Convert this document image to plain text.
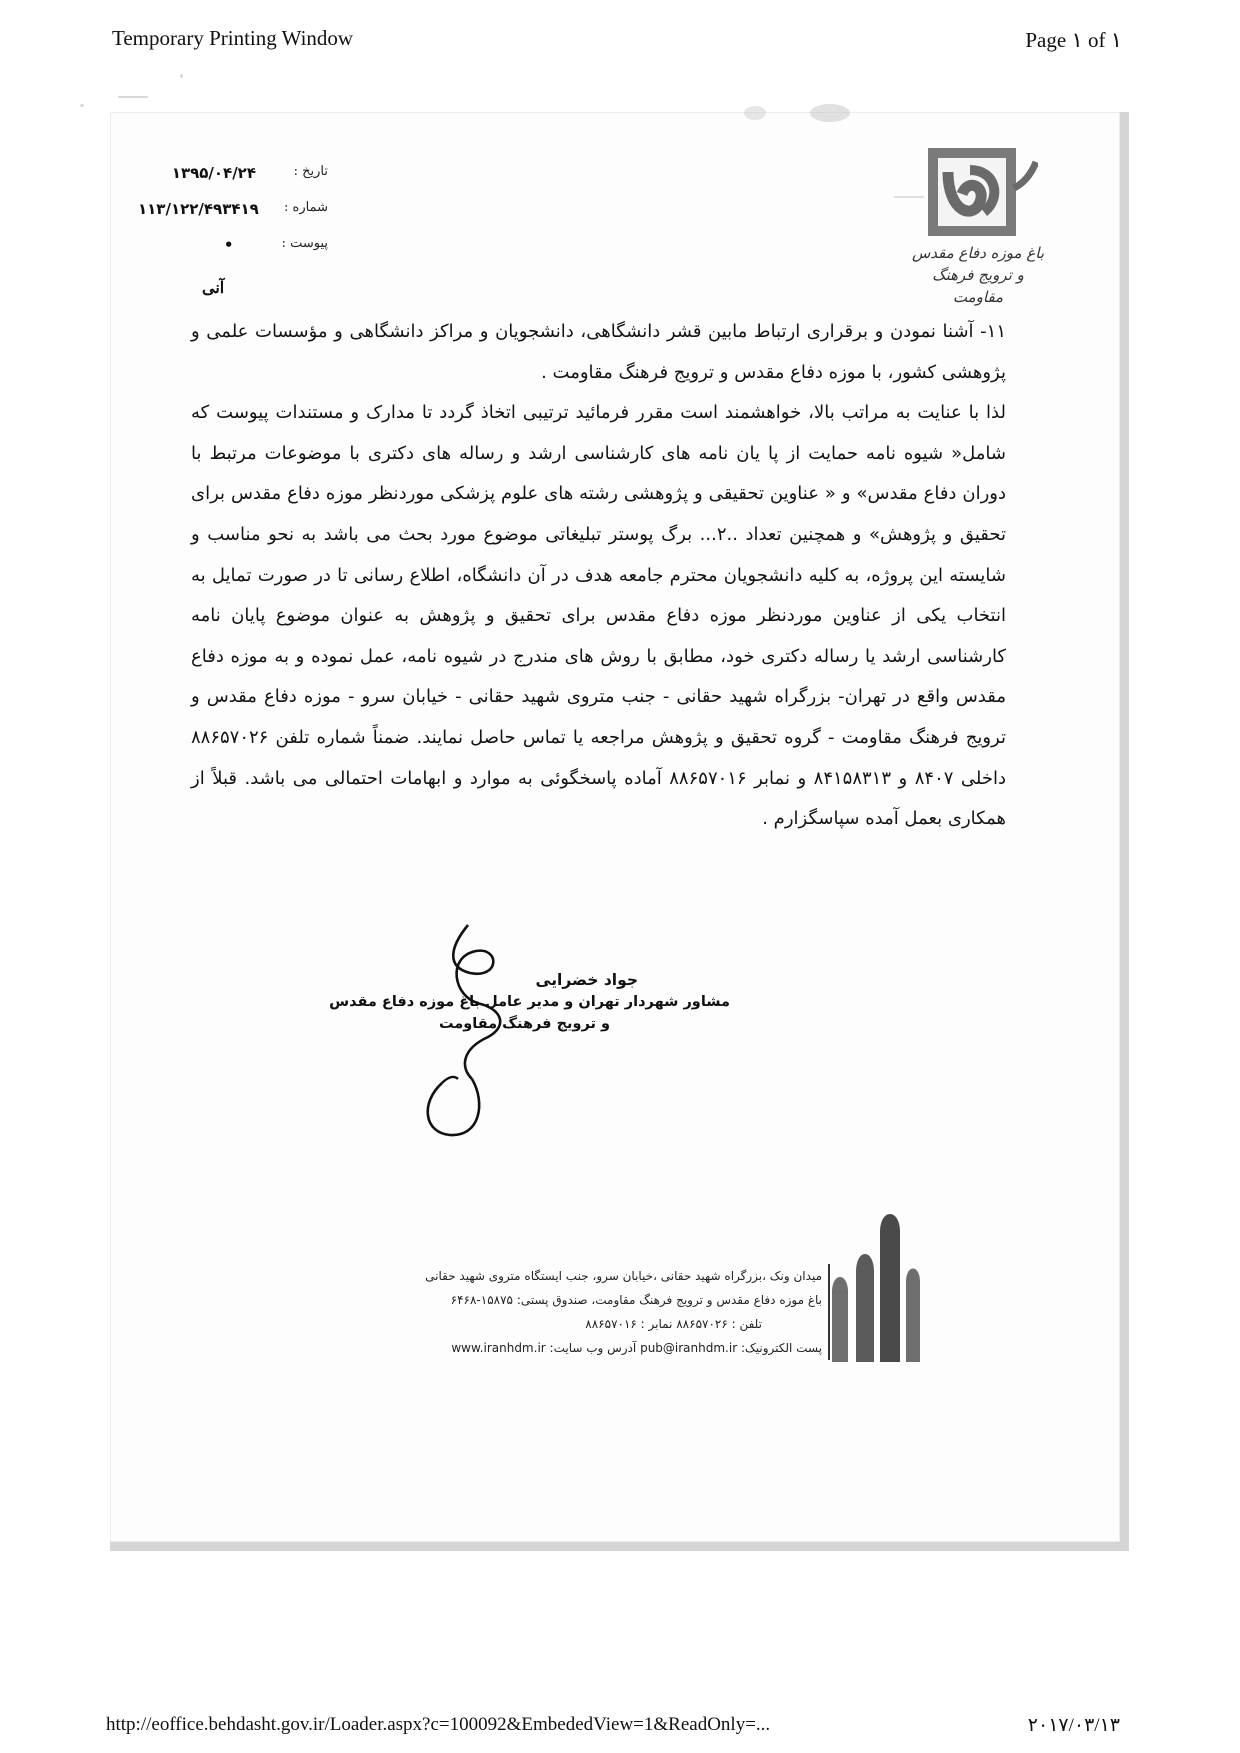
Temporary Printing Window	Page ۱ of ۱
تاریخ :
۱۳۹۵/۰۴/۲۴
شماره :
۱۱۳/۱۲۲/۴۹۳۴۱۹
پیوست :
•
آنی
باغ موزه دفاع مقدس
و ترویج فرهنگ مقاومت

۱۱- آشنا نمودن و برقراری ارتباط مابین قشر دانشگاهی، دانشجویان و مراکز دانشگاهی و مؤسسات علمی و پژوهشی کشور، با موزه دفاع مقدس و ترویج فرهنگ مقاومت .

لذا با عنایت به مراتب بالا، خواهشمند است مقرر فرمائید ترتیبی اتخاذ گردد تا مدارک و مستندات پیوست که شامل« شیوه نامه حمایت از پا یان نامه های کارشناسی ارشد و رساله های دکتری با موضوعات مرتبط با دوران دفاع مقدس» و « عناوین تحقیقی و پژوهشی رشته های علوم پزشکی موردنظر موزه دفاع مقدس برای تحقیق و پژوهش» و همچنین تعداد ..۲... برگ پوستر تبلیغاتی موضوع مورد بحث می باشد به نحو مناسب و شایسته این پروژه، به کلیه دانشجویان محترم جامعه هدف در آن دانشگاه، اطلاع رسانی تا در صورت تمایل به انتخاب یکی از عناوین موردنظر موزه دفاع مقدس برای تحقیق و پژوهش به عنوان موضوع پایان نامه کارشناسی ارشد یا رساله دکتری خود، مطابق با روش های مندرج در شیوه نامه، عمل نموده و به موزه دفاع مقدس واقع در تهران- بزرگراه شهید حقانی - جنب متروی شهید حقانی - خیابان سرو - موزه دفاع مقدس و ترویج فرهنگ مقاومت - گروه تحقیق و پژوهش مراجعه یا تماس حاصل نمایند. ضمناً شماره تلفن ۸۸۶۵۷۰۲۶ داخلی ۸۴۰۷ و ۸۴۱۵۸۳۱۳ و نمابر ۸۸۶۵۷۰۱۶ آماده پاسخگوئی به موارد و ابهامات احتمالی می باشد. قبلاً از همکاری بعمل آمده سپاسگزارم .

جواد خضرایی
مشاور شهردار تهران و مدیر عامل باغ موزه دفاع مقدس
و ترویج فرهنگ مقاومت
میدان ونک ،بزرگراه شهید حقانی ،خیابان سرو، جنب ایستگاه متروی شهید حقانی
باغ موزه دفاع مقدس و ترویج فرهنگ مقاومت، صندوق پستی: ۱۵۸۷۵-۶۴۶۸
تلفن : ۸۸۶۵۷۰۲۶ نمابر : ۸۸۶۵۷۰۱۶
پست الکترونیک: pub@iranhdm.ir آدرس وب سایت: www.iranhdm.ir
http://eoffice.behdasht.gov.ir/Loader.aspx?c=100092&EmbededView=1&ReadOnly=...	۲۰۱۷/۰۳/۱۳
